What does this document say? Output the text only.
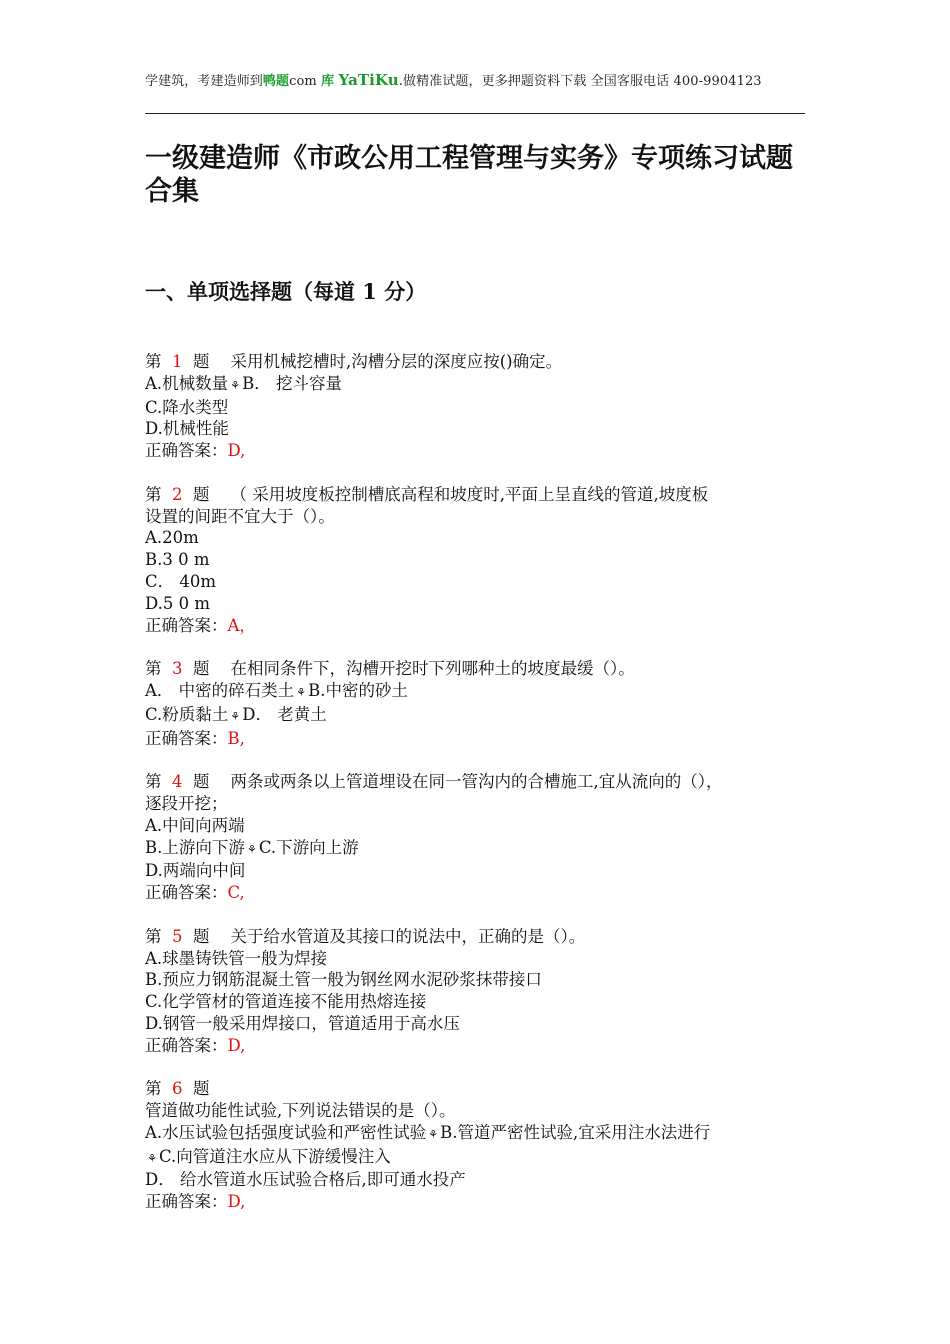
学建筑，考建造师到鸭题com 库 YaTiKu.做精准试题，更多押题资料下载 全国客服电话 400-9904123
一级建造师《市政公用工程管理与实务》专项练习试题合集
一、单项选择题（每道 1 分）
第 1 题 采用机械挖槽时,沟槽分层的深度应按()确定。
A.机械数量 ⚘ B． 挖斗容量
C.降水类型
D.机械性能
正确答案：D,
第 2 题 （ 采用坡度板控制槽底高程和坡度时,平面上呈直线的管道,坡度板
设置的间距不宜大于（）。
A.20m
B.3 0 m
C． 40m
D.5 0 m
正确答案：A，
第 3 题 在相同条件下，沟槽开挖时下列哪种土的坡度最缓（）。
A． 中密的碎石类土 ⚘ B.中密的砂土
C.粉质黏土 ⚘ D． 老黄土
正确答案：B,
第 4 题 两条或两条以上管道埋设在同一管沟内的合槽施工,宜从流向的（），
逐段开挖；
A.中间向两端
B.上游向下游 ⚘ C.下游向上游
D.两端向中间
正确答案：C,
第 5 题 关于给水管道及其接口的说法中，正确的是（）。
A.球墨铸铁管一般为焊接
B.预应力钢筋混凝土管一般为钢丝网水泥砂浆抹带接口
C.化学管材的管道连接不能用热熔连接
D.钢管一般采用焊接口，管道适用于高水压
正确答案：D,
第 6 题
管道做功能性试验,下列说法错误的是（）。
A.水压试验包括强度试验和严密性试验 ⚘ B.管道严密性试验,宜采用注水法进行
⚘ C.向管道注水应从下游缓慢注入
D． 给水管道水压试验合格后,即可通水投产
正确答案：D,
